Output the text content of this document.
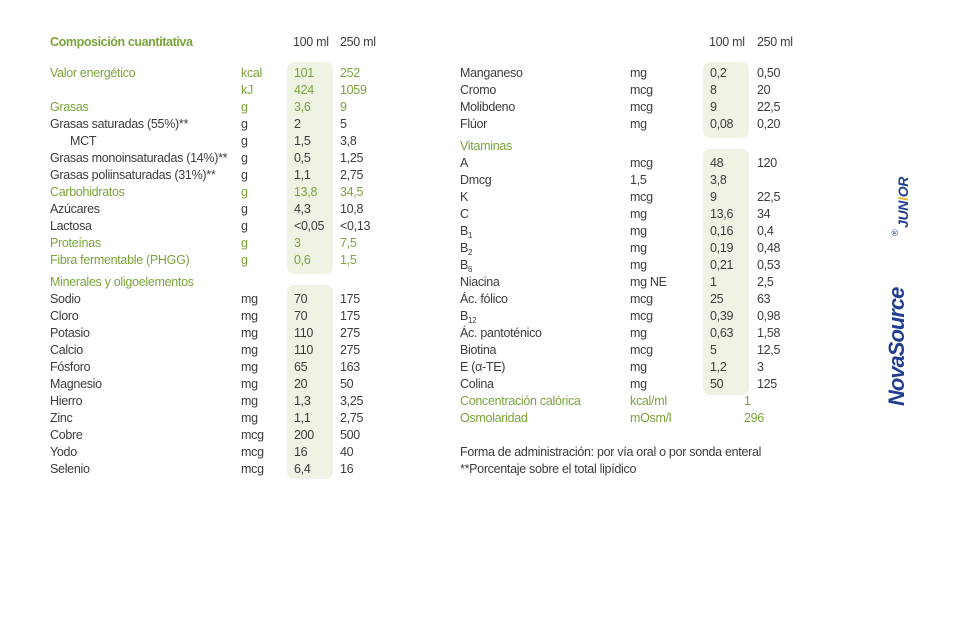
Composición cuantitativa	100 ml 250 ml	100 ml 250 ml
Valor energético	kcal	101 252
kJ	424 1059
Grasas	g	3,6 9
Grasas saturadas (55%)**	g	2	5
MCT	g	1,5 3,8
Grasas monoinsaturadas (14%)** g	0,5 1,25
Grasas poliinsaturadas (31%)** g	1,1 2,75
Carbohidratos	g	13,8 34,5
Azúcares	g	4,3 10,8
Lactosa	g	<0,05 <0,13
Proteínas	g	3	7,5
Fibra fermentable (PHGG)	g	0,6 1,5
Minerales y oligoelementos
Sodio	mg	70	175
Cloro	mg	70	175
Potasio	mg	110 275
Calcio	mg	110 275
Fósforo	mg	65	163
Magnesio	mg	20	50
Hierro	mg	1,3 3,25
Zinc	mg	1,1 2,75
Cobre	mcg 200 500
Yodo	mcg 16	40
Selenio	mcg 6,4 16
Manganeso	mg	0,2 0,50
Cromo	mcg	8	20
Molibdeno	mcg	9	22,5
Flúor	mg	0,08 0,20
Vitaminas
A	mcg	48	120
Dmcg	1,5	3,8
K	mcg	9	22,5
C	mg	13,6 34
$B_1$	mg	0,16 0,4
$B_2$	mg	0,19 0,48
$B_6$	mg	0,21 0,53
Niacina	mg NE	1	2,5
Ác. fólico	mcg	25	63
$B_{12}$	mcg	0,39 0,98
Ác. pantoténico	mg	0,63 1,58
Biotina	mcg	5	12,5
E (α-TE)	mg	1,2 3
Colina	mg	50	125
Concentración calórica	kcal/ml	1
Osmolaridad	mOsm/l	296
Forma de administración: por vía oral o por sonda enteral
**Porcentaje sobre el total lipídico
NovaSource
®
JUNIOR
